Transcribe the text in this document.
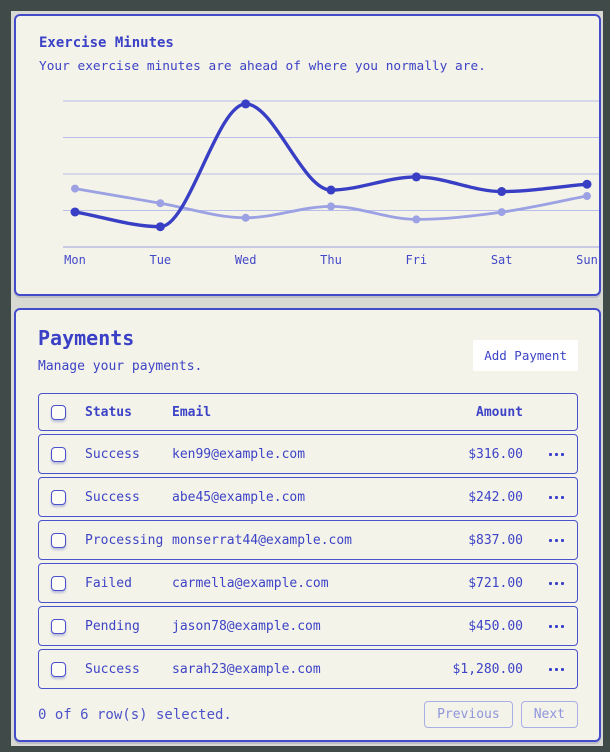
Exercise Minutes
Your exercise minutes are ahead of where you normally are.
Mon	Tue	Wed	Thu	Fri	Sat	Sun
Payments
Manage your payments.
Add Payment
Status	Email	Amount
Success	ken99@example.com	$316.00
Success	abe45@example.com	$242.00
Processing monserrat44@example.com	$837.00
Failed	carmella@example.com	$721.00
Pending	jason78@example.com	$450.00
Success	sarah23@example.com	$1,280.00
0 of 6 row(s) selected.	Previous	Next
